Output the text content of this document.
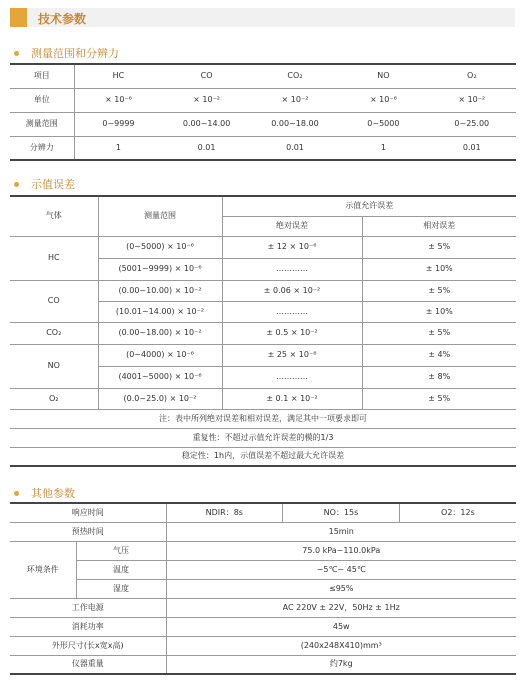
技术参数
测量范围和分辨力
项目	HC	CO	CO₂	NO	O₂
单位	× 10⁻⁶	× 10⁻²	× 10⁻²	× 10⁻⁶	× 10⁻²
测量范围	0~9999	0.00~14.00	0.00~18.00	0~5000	0~25.00
分辨力	1	0.01	0.01	1	0.01
示值误差
气体	测量范围	示值允许误差	
		绝对误差	相对误差
HC	(0~5000) × 10⁻⁶	± 12 × 10⁻⁶	± 5%
	(5001~9999) × 10⁻⁶	…………	± 10%
CO	(0.00~10.00) × 10⁻²	± 0.06 × 10⁻²	± 5%
	(10.01~14.00) × 10⁻²	…………	± 10%
CO₂	(0.00~18.00) × 10⁻²	± 0.5 × 10⁻²	± 5%
NO	(0~4000) × 10⁻⁶	± 25 × 10⁻⁶	± 4%
	(4001~5000) × 10⁻⁶	…………	± 8%
O₂	(0.0~25.0) × 10⁻²	± 0.1 × 10⁻²	± 5%
注：表中所列绝对误差和相对误差，满足其中一项要求即可			
重复性：不超过示值允许误差的模的1/3			
稳定性：1h内，示值误差不超过最大允许误差			
其他参数
响应时间		NDIR：8s	NO：15s	O2：12s
预热时间		15min		
环境条件	气压	75.0 kPa~110.0kPa		
	温度	−5℃~ 45℃		
	湿度	≤95%		
工作电源		AC 220V ± 22V，50Hz ± 1Hz		
消耗功率		45w		
外形尺寸(长x宽x高)		(240x248X410)mm³		
仪器重量		约7kg		
